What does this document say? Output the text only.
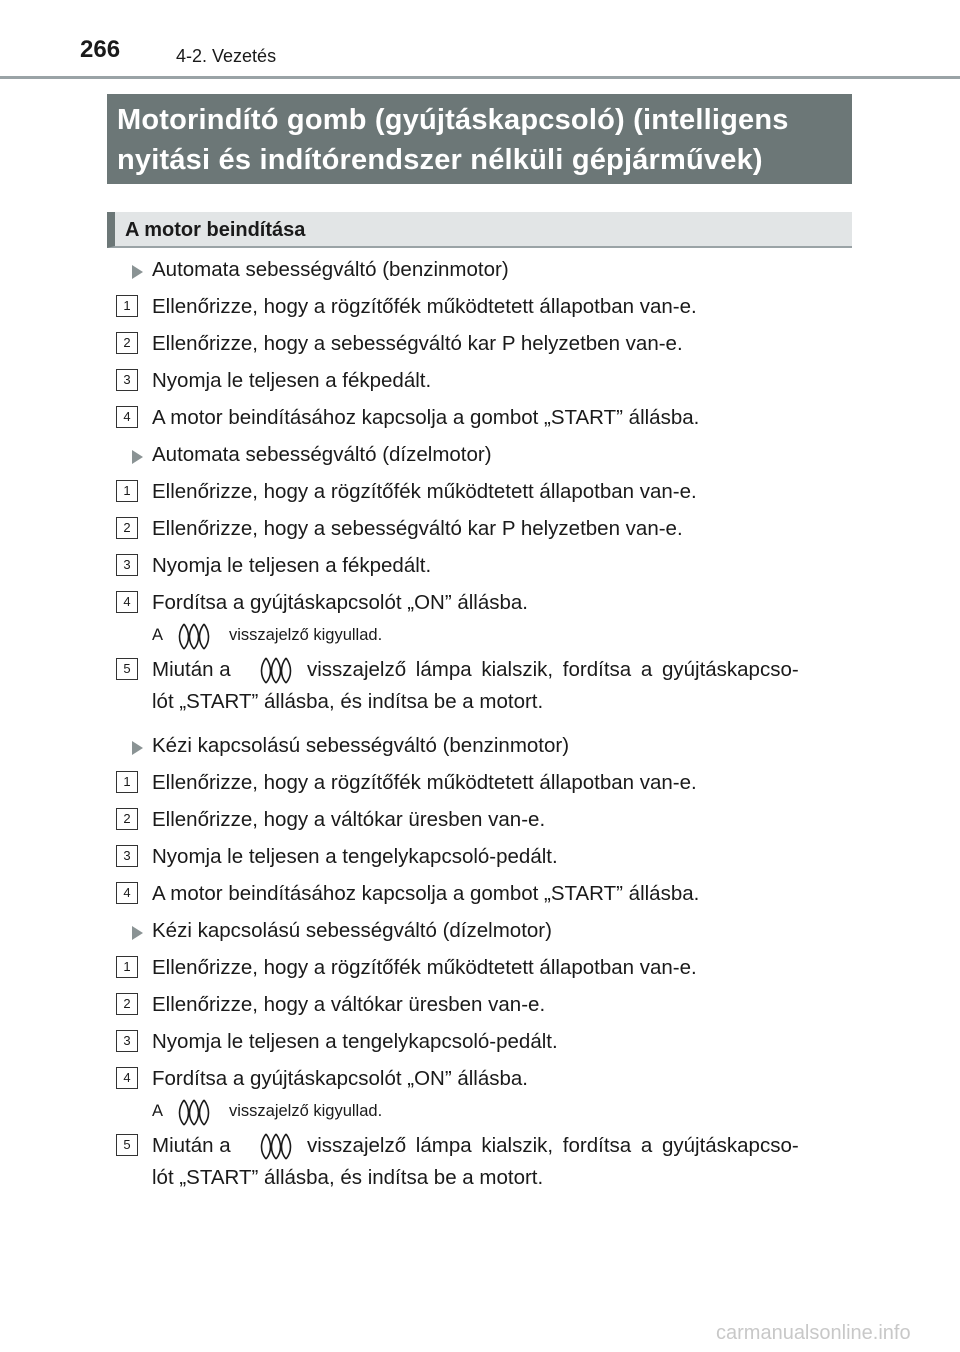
266	4-2. Vezetés
Motorindító gomb (gyújtáskapcsoló) (intelligens
nyitási és indítórendszer nélküli gépjárművek)
A motor beindítása
Automata sebességváltó (benzinmotor)
1	Ellenőrizze, hogy a rögzítőfék működtetett állapotban van-e.
2	Ellenőrizze, hogy a sebességváltó kar P helyzetben van-e.
3	Nyomja le teljesen a fékpedált.
4	A motor beindításához kapcsolja a gombot „START” állásba.
Automata sebességváltó (dízelmotor)
1	Ellenőrizze, hogy a rögzítőfék működtetett állapotban van-e.
2	Ellenőrizze, hogy a sebességváltó kar P helyzetben van-e.
3	Nyomja le teljesen a fékpedált.
4	Fordítsa a gyújtáskapcsolót „ON” állásba.
A	visszajelző kigyullad.
5	Miután a	visszajelző lámpa kialszik, fordítsa a gyújtáskapcso-
lót „START” állásba, és indítsa be a motort.
Kézi kapcsolású sebességváltó (benzinmotor)
1	Ellenőrizze, hogy a rögzítőfék működtetett állapotban van-e.
2	Ellenőrizze, hogy a váltókar üresben van-e.
3	Nyomja le teljesen a tengelykapcsoló-pedált.
4	A motor beindításához kapcsolja a gombot „START” állásba.
Kézi kapcsolású sebességváltó (dízelmotor)
1	Ellenőrizze, hogy a rögzítőfék működtetett állapotban van-e.
2	Ellenőrizze, hogy a váltókar üresben van-e.
3	Nyomja le teljesen a tengelykapcsoló-pedált.
4	Fordítsa a gyújtáskapcsolót „ON” állásba.
A	visszajelző kigyullad.
5	Miután a	visszajelző lámpa kialszik, fordítsa a gyújtáskapcso-
lót „START” állásba, és indítsa be a motort.
carmanualsonline.info
